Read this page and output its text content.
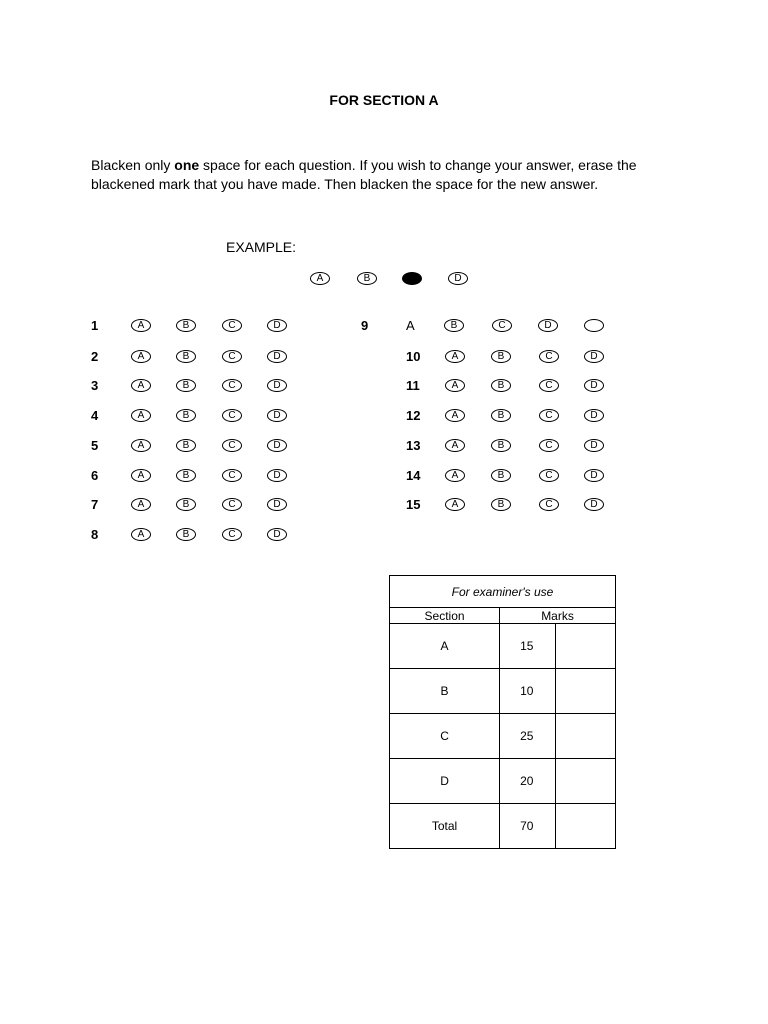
FOR SECTION A
Blacken only one space for each question. If you wish to change your answer, erase the blackened mark that you have made. Then blacken the space for the new answer.
EXAMPLE:
A	B	D
1	A	B	C	D
2	A	B	C	D
3	A	B	C	D
4	A	B	C	D
5	A	B	C	D
6	A	B	C	D
7	A	B	C	D
8	A	B	C	D
9	A	B	C	D
10	A	B	C	D
11	A	B	C	D
12	A	B	C	D
13	A	B	C	D
14	A	B	C	D
15	A	B	C	D
For examiner's use		
Section	Marks	
A	15	
B	10	
C	25	
D	20	
Total	70	
